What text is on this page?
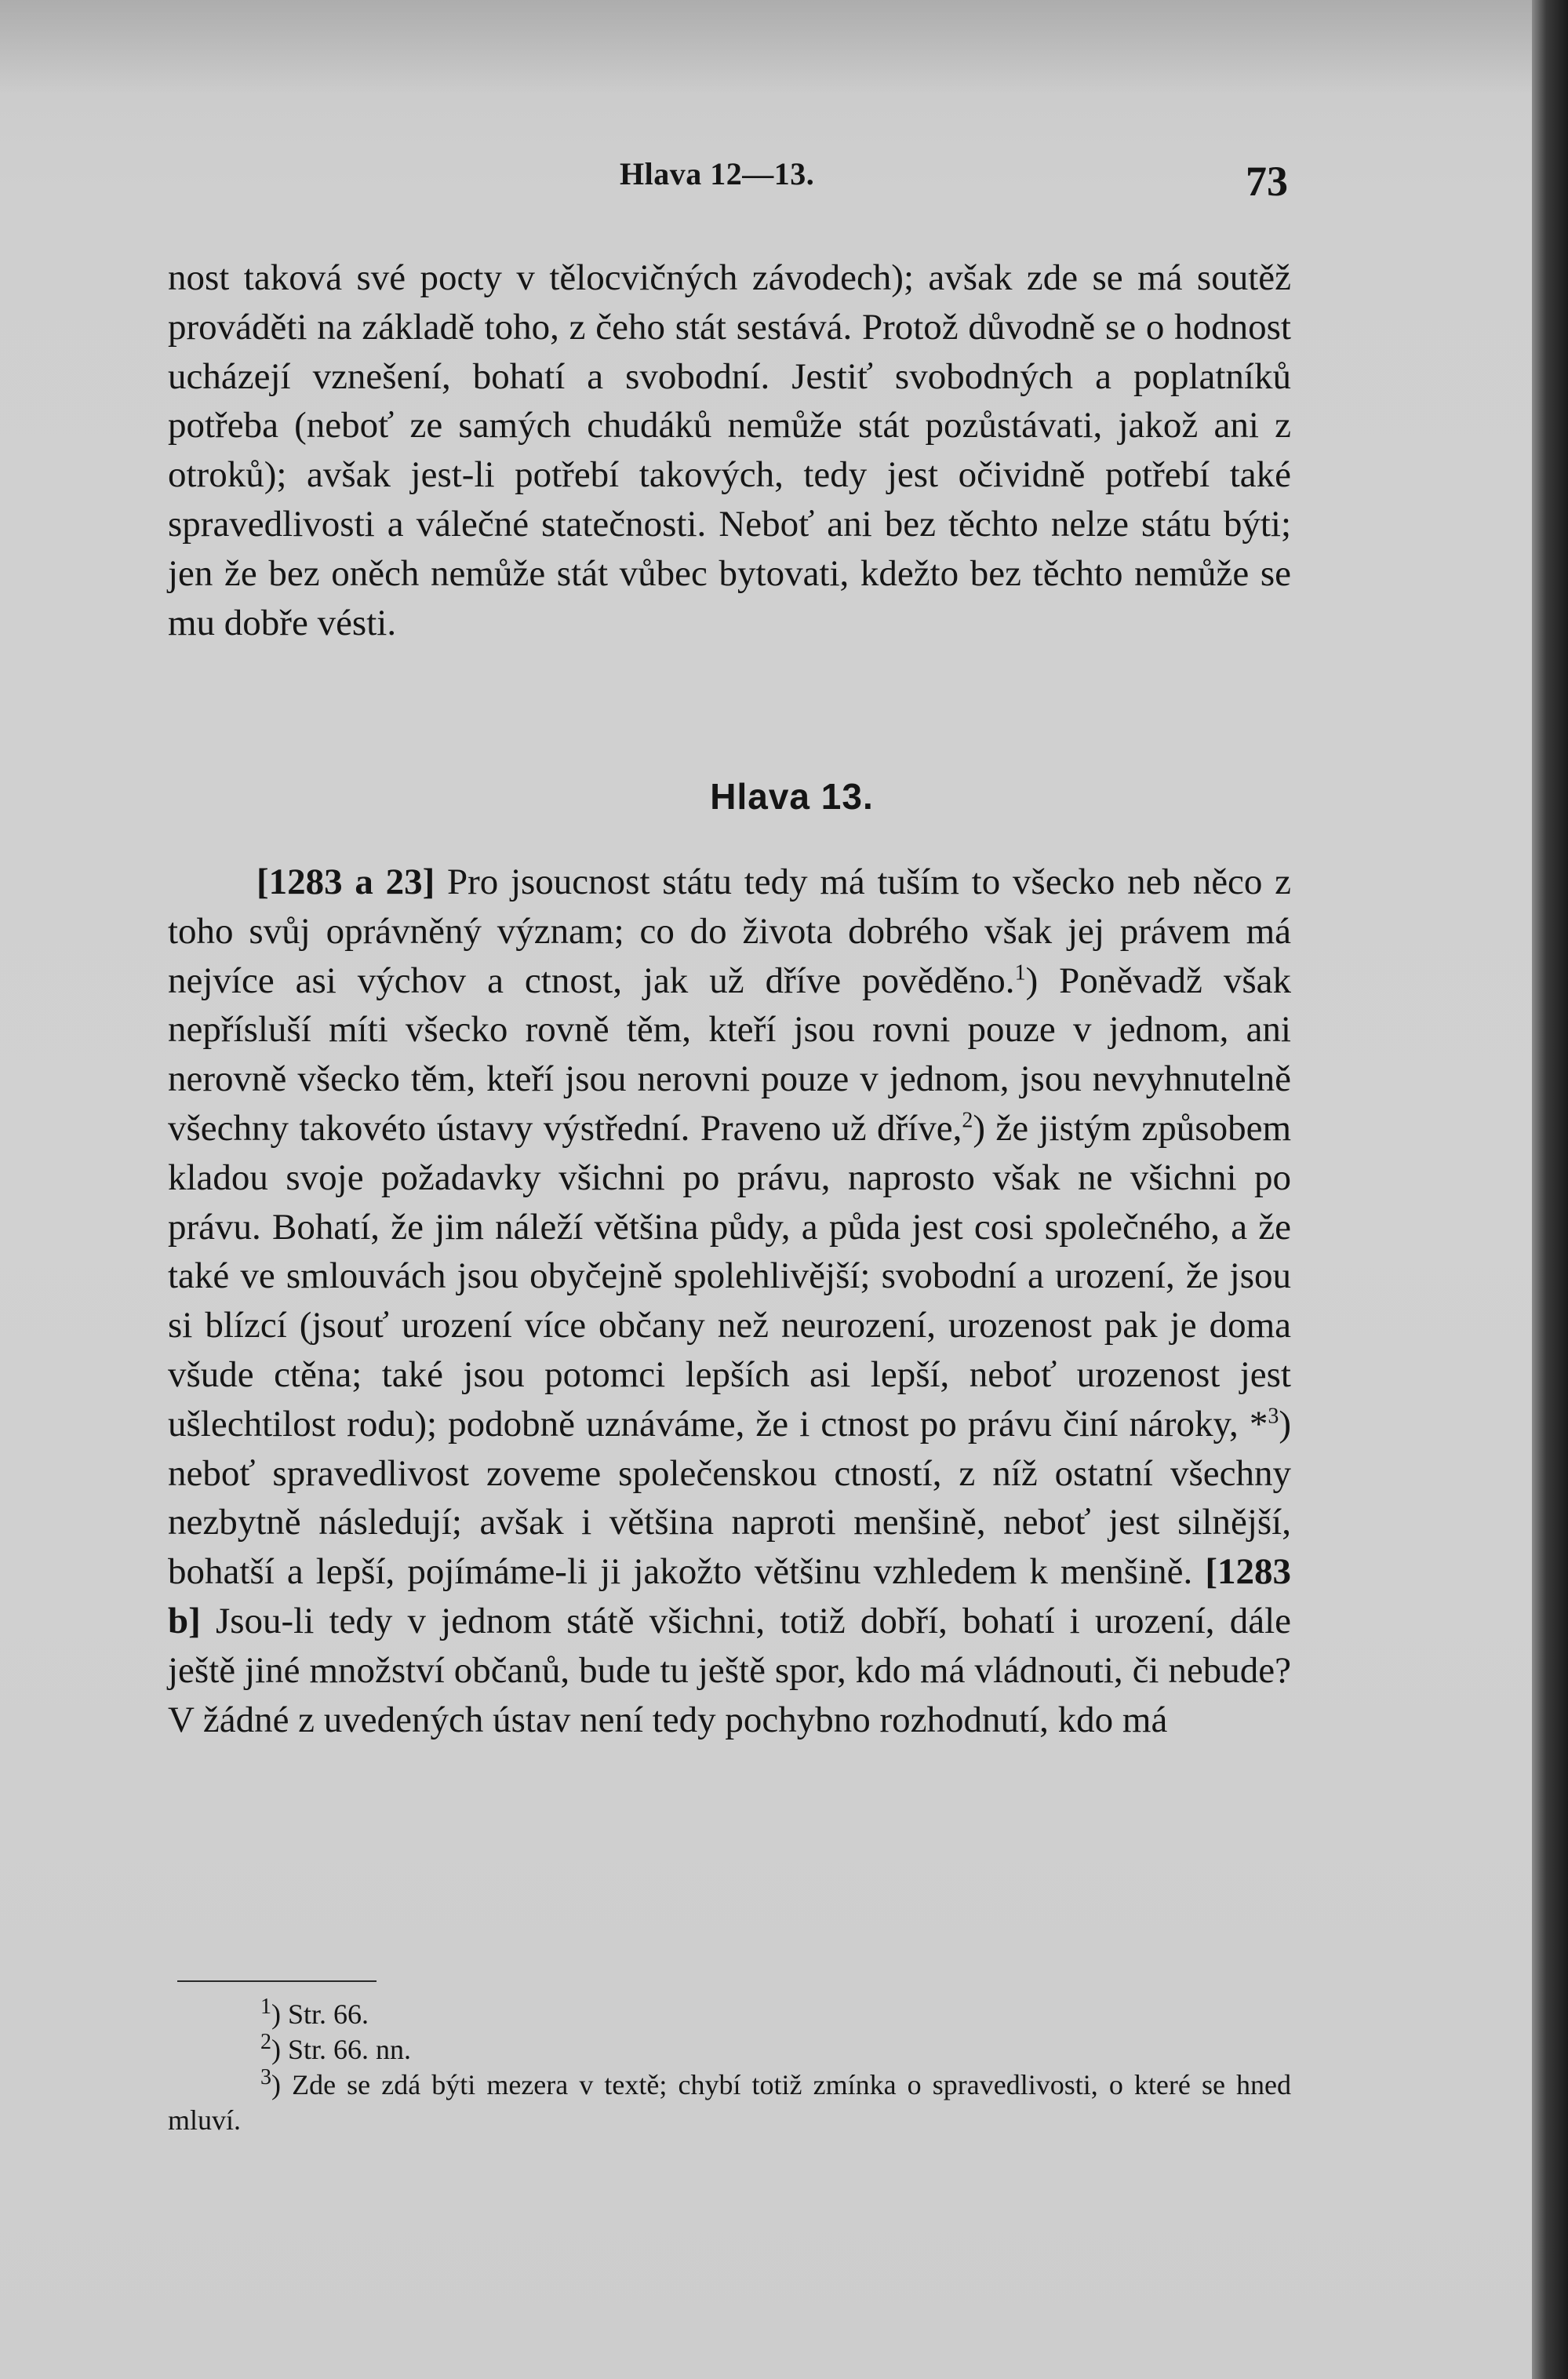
Hlava 12—13.	73

nost taková své pocty v tělocvičných závodech); avšak zde se má soutěž prováděti na základě toho, z čeho stát sestává. Protož důvodně se o hodnost ucházejí vznešení, bohatí a svobodní. Jestiť svobodných a poplatníků potřeba (neboť ze samých chudáků nemůže stát pozůstávati, jakož ani z otroků); avšak jest-li potřebí takových, tedy jest očividně potřebí také spravedlivosti a válečné statečnosti. Neboť ani bez těchto nelze státu býti; jen že bez oněch nemůže stát vůbec bytovati, kdežto bez těchto nemůže se mu dobře vésti.

Hlava 13.

[1283 a 23] Pro jsoucnost státu tedy má tuším to všecko neb něco z toho svůj oprávněný význam; co do života dobrého však jej právem má nejvíce asi výchov a ctnost, jak už dříve pověděno.$^1$) Poněvadž však nepřísluší míti všecko rovně těm, kteří jsou rovni pouze v jednom, ani nerovně všecko těm, kteří jsou nerovni pouze v jednom, jsou nevyhnutelně všechny takovéto ústavy výstřední. Praveno už dříve,$^2$) že jistým způsobem kladou svoje požadavky všichni po právu, naprosto však ne všichni po právu. Bohatí, že jim náleží většina půdy, a půda jest cosi společného, a že také ve smlouvách jsou obyčejně spolehlivější; svobodní a urození, že jsou si blízcí (jsouť urození více občany než neurození, urozenost pak je doma všude ctěna; také jsou potomci lepších asi lepší, neboť urozenost jest ušlechtilost rodu); podobně uznáváme, že i ctnost po právu činí nároky, *$^3$) neboť spravedlivost zoveme společenskou ctností, z níž ostatní všechny nezbytně následují; avšak i většina naproti menšině, neboť jest silnější, bohatší a lepší, pojímáme-li ji jakožto většinu vzhledem k menšině. [1283 b] Jsou-li tedy v jednom státě všichni, totiž dobří, bohatí i urození, dále ještě jiné množství občanů, bude tu ještě spor, kdo má vládnouti, či nebude? V žádné z uvedených ústav není tedy pochybno rozhodnutí, kdo má

$^1$) Str. 66.

$^2$) Str. 66. nn.

$^3$) Zde se zdá býti mezera v textě; chybí totiž zmínka o spravedlivosti, o které se hned mluví.
